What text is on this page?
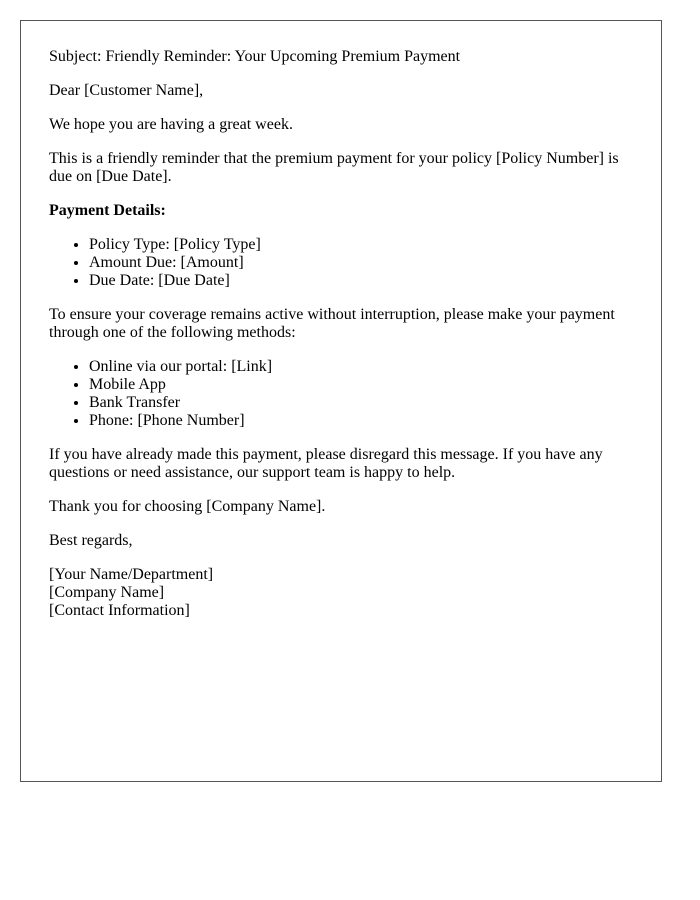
Subject: Friendly Reminder: Your Upcoming Premium Payment

Dear [Customer Name],

We hope you are having a great week.

This is a friendly reminder that the premium payment for your policy [Policy Number] is due on [Due Date].

Payment Details:

• Policy Type: [Policy Type]
• Amount Due: [Amount]
• Due Date: [Due Date]

To ensure your coverage remains active without interruption, please make your payment through one of the following methods:

• Online via our portal: [Link]
• Mobile App
• Bank Transfer
• Phone: [Phone Number]

If you have already made this payment, please disregard this message. If you have any questions or need assistance, our support team is happy to help.

Thank you for choosing [Company Name].

Best regards,

[Your Name/Department]
[Company Name]
[Contact Information]
